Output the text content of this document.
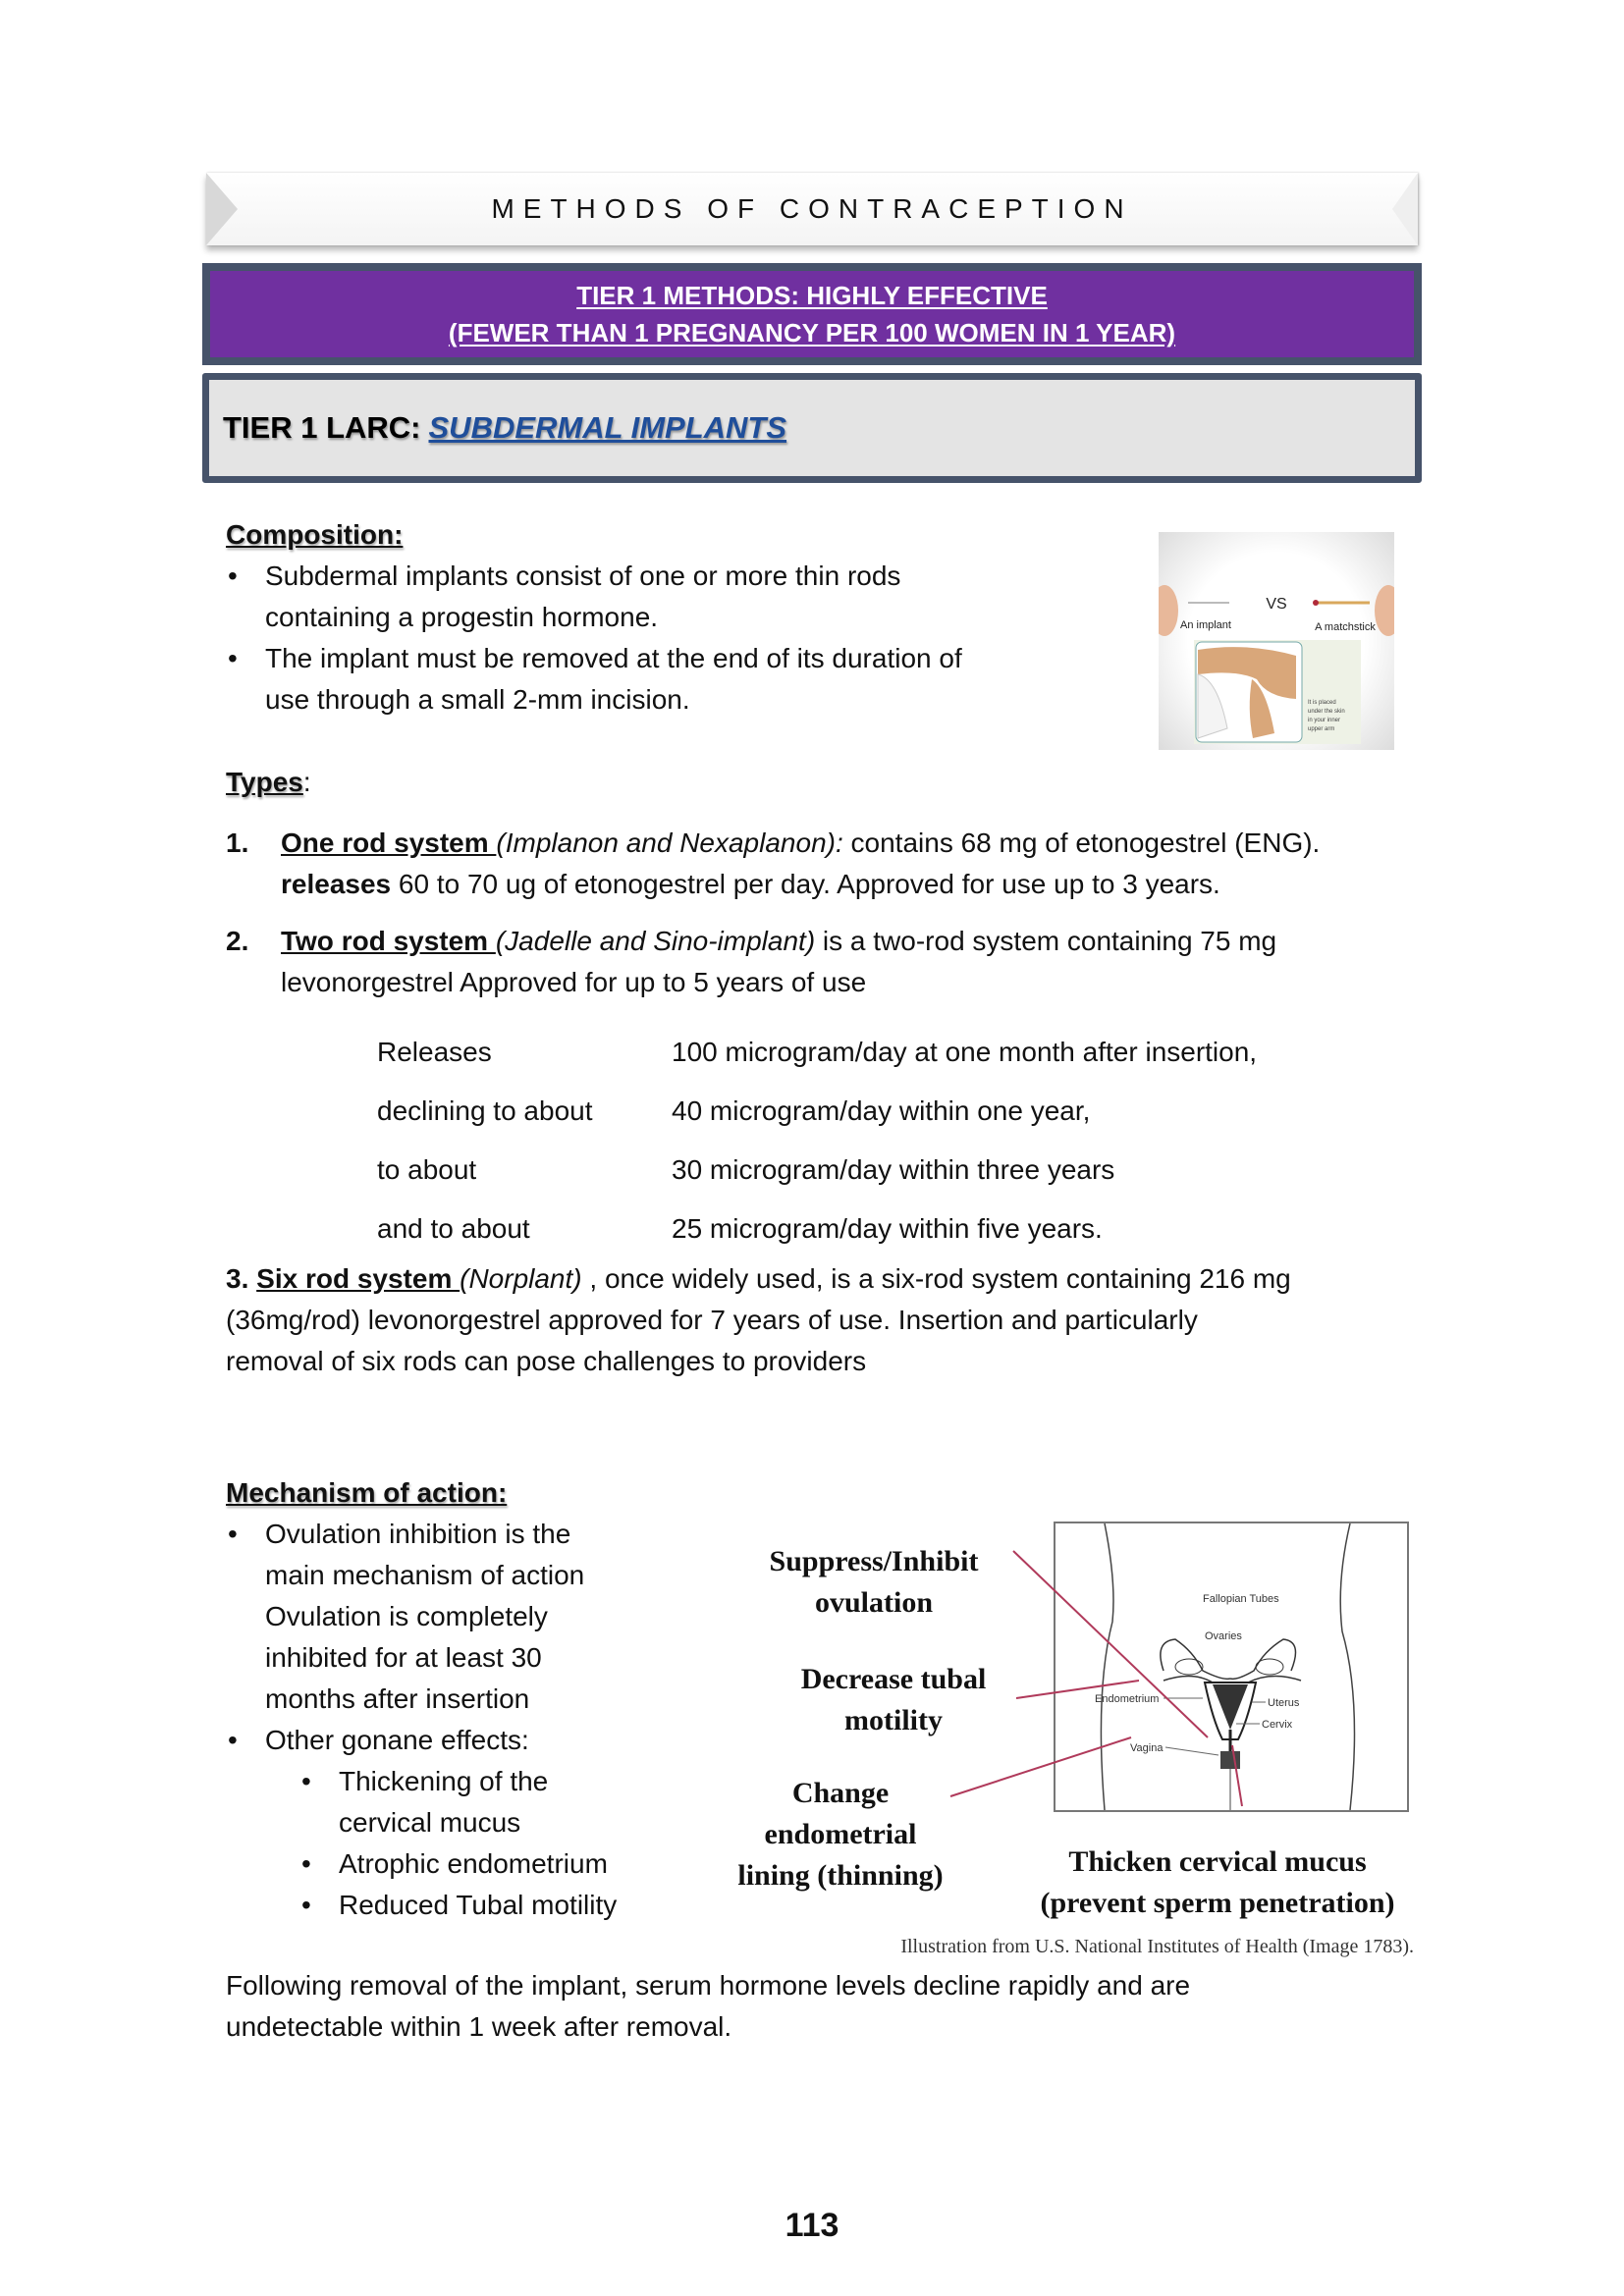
METHODS OF CONTRACEPTION
TIER 1 METHODS: HIGHLY EFFECTIVE
(FEWER THAN 1 PREGNANCY PER 100 WOMEN IN 1 YEAR)
TIER 1 LARC: SUBDERMAL IMPLANTS
Composition:
•	Subdermal implants consist of one or more thin rods
containing a progestin hormone.
•	The implant must be removed at the end of its duration of
use through a small 2-mm incision.
VS
An implant	A matchstick
It is placed
under the skin
in your inner
upper arm
Types:
1.	One rod system (Implanon and Nexaplanon): contains 68 mg of etonogestrel (ENG).
releases 60 to 70 ug of etonogestrel per day. Approved for use up to 3 years.
2.	Two rod system (Jadelle and Sino-implant) is a two-rod system containing 75 mg
levonorgestrel Approved for up to 5 years of use
Releases	100 microgram/day at one month after insertion,
declining to about	40 microgram/day within one year,
to about	30 microgram/day within three years
and to about	25 microgram/day within five years.
3. Six rod system (Norplant) , once widely used, is a six-rod system containing 216 mg
(36mg/rod) levonorgestrel approved for 7 years of use. Insertion and particularly
removal of six rods can pose challenges to providers
Mechanism of action:
•	Ovulation inhibition is the
main mechanism of action
Ovulation is completely
inhibited for at least 30
months after insertion
•	Other gonane effects:
•	Thickening of the
cervical mucus
•	Atrophic endometrium
•	Reduced Tubal motility
Suppress/Inhibit
ovulation
Decrease tubal
motility
Change endometrial
lining (thinning)	Thicken cervical mucus
(prevent sperm penetration)
Illustration from U.S. National Institutes of Health (Image 1783).
Fallopian Tubes
Ovaries
Endometrium	Uterus
Cervix
Vagina
Following removal of the implant, serum hormone levels decline rapidly and are
undetectable within 1 week after removal.
113
